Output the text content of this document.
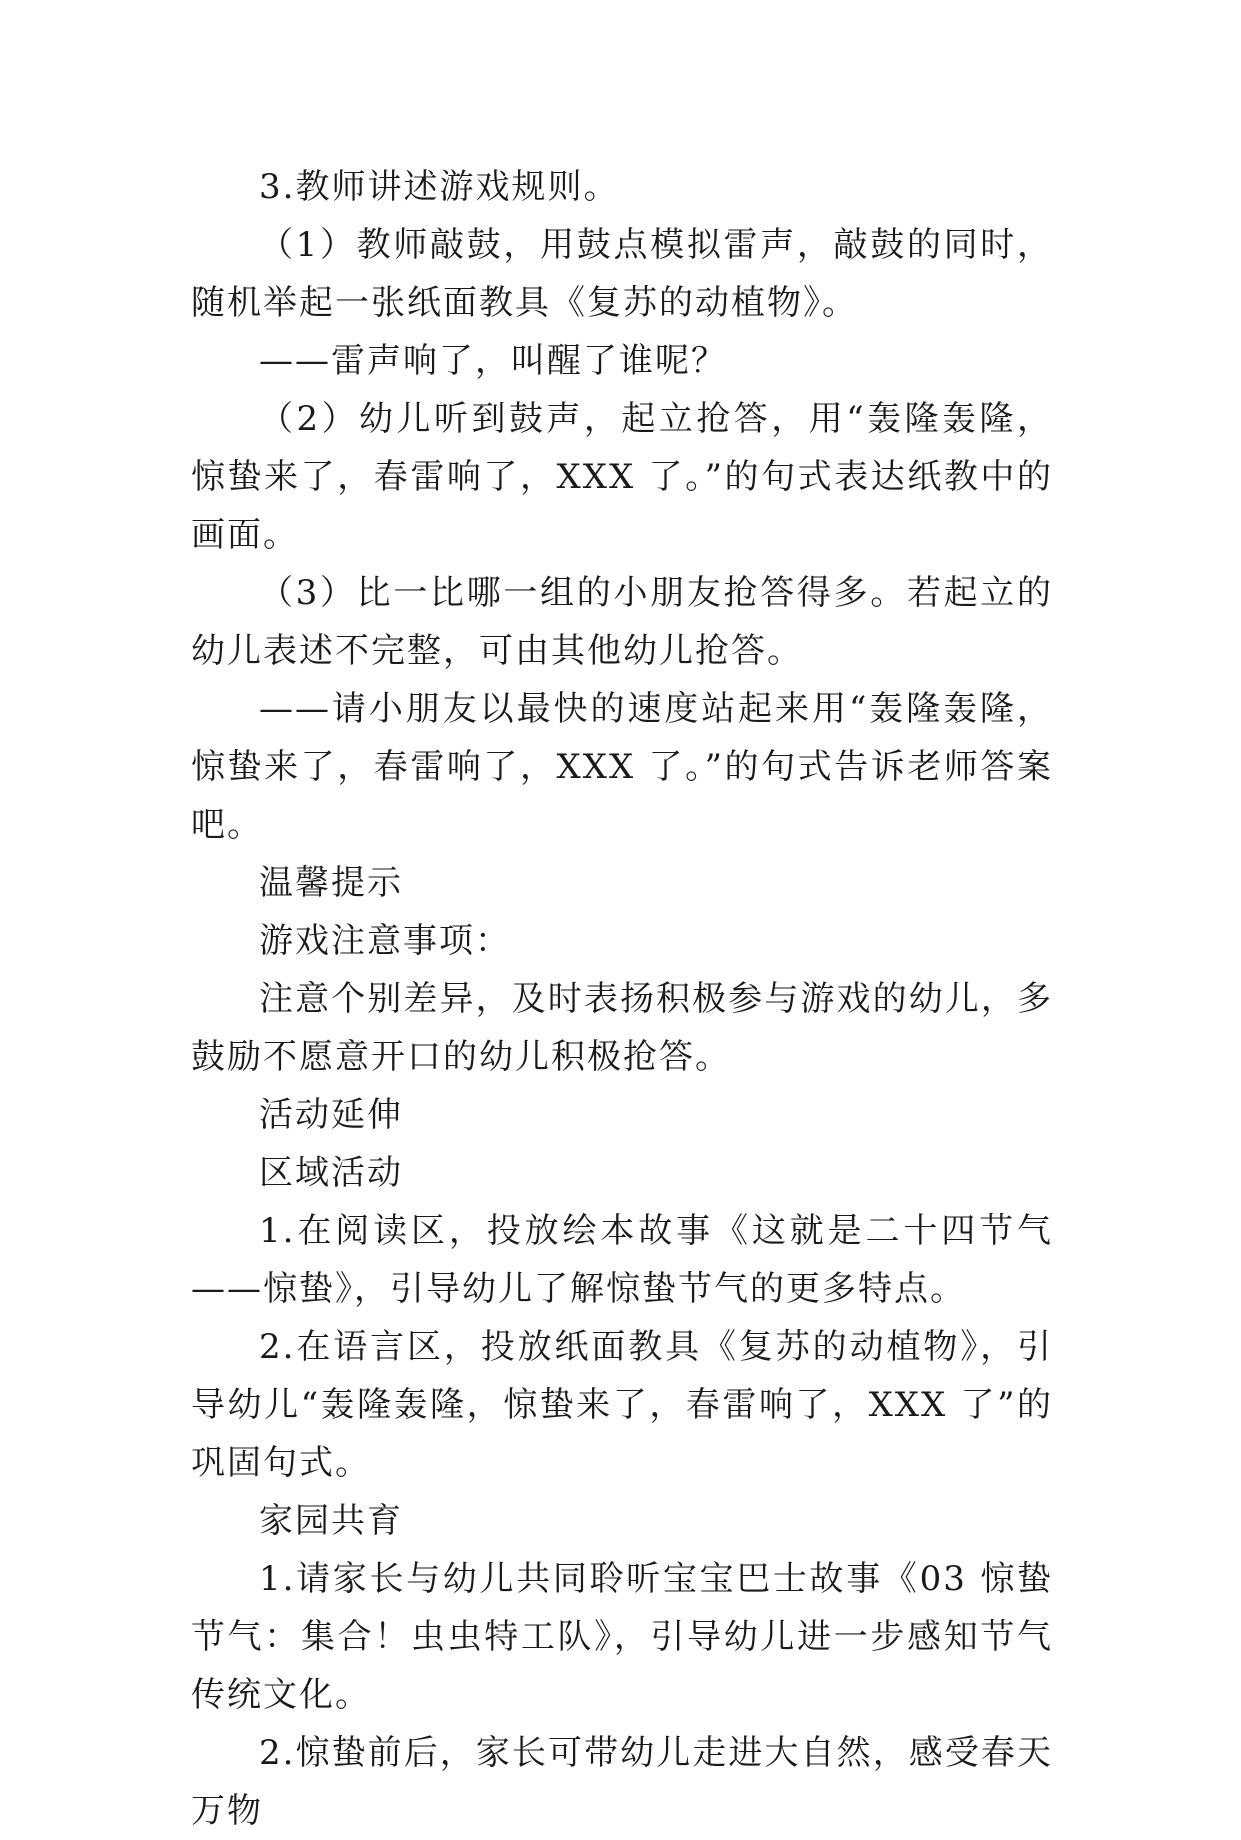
3.教师讲述游戏规则。

（1）教师敲鼓，用鼓点模拟雷声，敲鼓的同时，随机举起一张纸面教具《复苏的动植物》。

——雷声响了，叫醒了谁呢？

（2）幼儿听到鼓声，起立抢答，用“轰隆轰隆，惊蛰来了，春雷响了，XXX 了。”的句式表达纸教中的画面。

（3）比一比哪一组的小朋友抢答得多。若起立的幼儿表述不完整，可由其他幼儿抢答。

——请小朋友以最快的速度站起来用“轰隆轰隆，惊蛰来了，春雷响了，XXX 了。”的句式告诉老师答案吧。

温馨提示

游戏注意事项：

注意个别差异，及时表扬积极参与游戏的幼儿，多鼓励不愿意开口的幼儿积极抢答。

活动延伸

区域活动

1.在阅读区，投放绘本故事《这就是二十四节气——惊蛰》，引导幼儿了解惊蛰节气的更多特点。

2.在语言区，投放纸面教具《复苏的动植物》，引导幼儿“轰隆轰隆，惊蛰来了，春雷响了，XXX 了”的巩固句式。

家园共育

1.请家长与幼儿共同聆听宝宝巴士故事《03 惊蛰节气：集合！虫虫特工队》，引导幼儿进一步感知节气传统文化。

2.惊蛰前后，家长可带幼儿走进大自然，感受春天万物
